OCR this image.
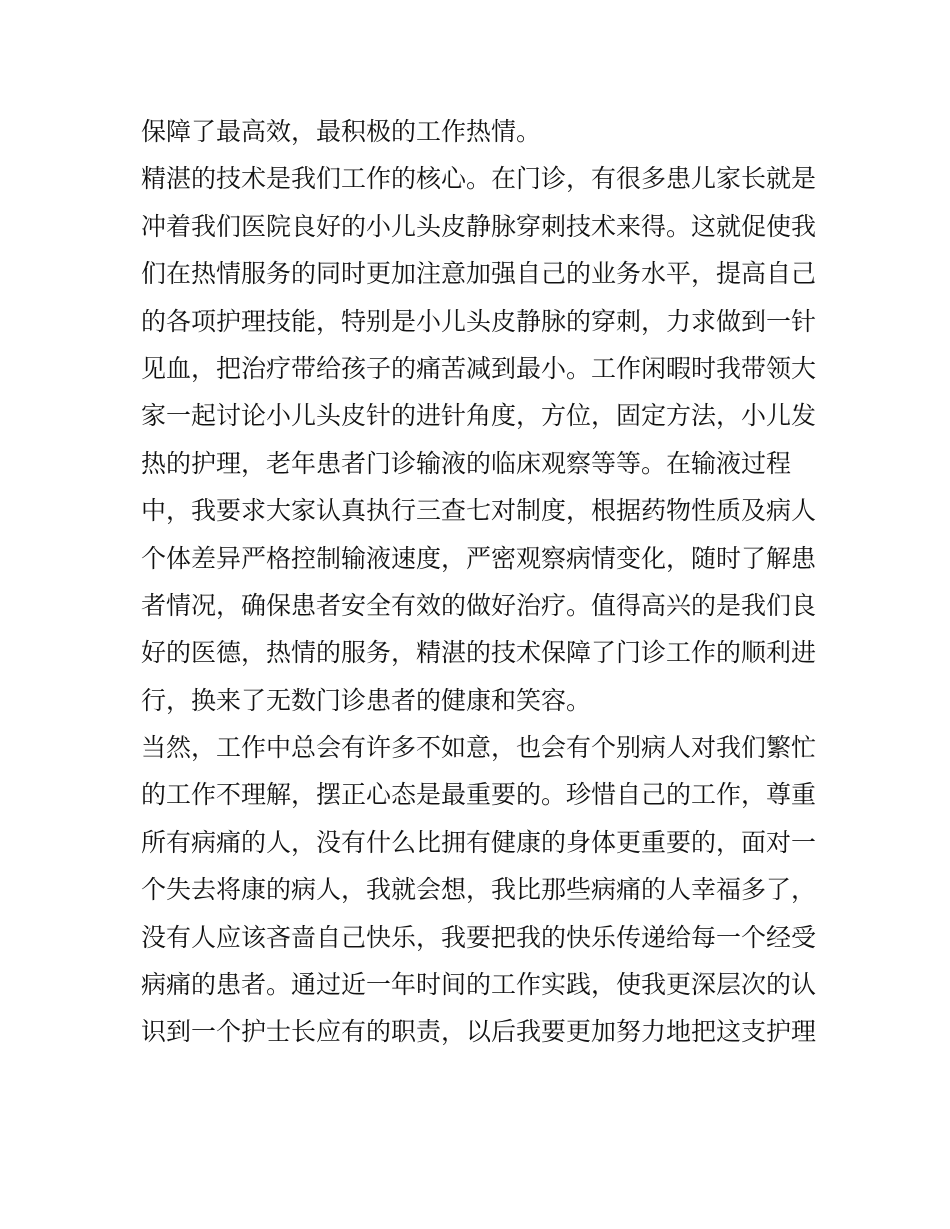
保障了最高效，最积极的工作热情。
精湛的技术是我们工作的核心。在门诊，有很多患儿家长就是
冲着我们医院良好的小儿头皮静脉穿刺技术来得。这就促使我
们在热情服务的同时更加注意加强自己的业务水平，提高自己
的各项护理技能，特别是小儿头皮静脉的穿刺，力求做到一针
见血，把治疗带给孩子的痛苦减到最小。工作闲暇时我带领大
家一起讨论小儿头皮针的进针角度，方位，固定方法，小儿发
热的护理，老年患者门诊输液的临床观察等等。在输液过程
中，我要求大家认真执行三查七对制度，根据药物性质及病人
个体差异严格控制输液速度，严密观察病情变化，随时了解患
者情况，确保患者安全有效的做好治疗。值得高兴的是我们良
好的医德，热情的服务，精湛的技术保障了门诊工作的顺利进
行，换来了无数门诊患者的健康和笑容。
当然，工作中总会有许多不如意，也会有个别病人对我们繁忙
的工作不理解，摆正心态是最重要的。珍惜自己的工作，尊重
所有病痛的人，没有什么比拥有健康的身体更重要的，面对一
个失去将康的病人，我就会想，我比那些病痛的人幸福多了，
没有人应该吝啬自己快乐，我要把我的快乐传递给每一个经受
病痛的患者。通过近一年时间的工作实践，使我更深层次的认
识到一个护士长应有的职责，以后我要更加努力地把这支护理
